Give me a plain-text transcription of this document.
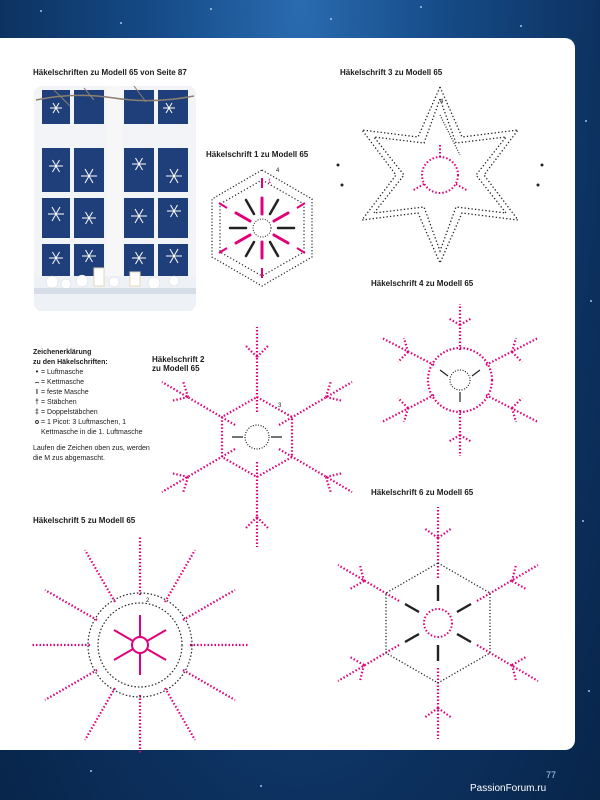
Häkelschriften zu Modell 65 von Seite 87
Häkelschrift 1 zu Modell 65
Häkelschrift 2
zu Modell 65
Häkelschrift 3 zu Modell 65
Häkelschrift 4 zu Modell 65
Häkelschrift 5 zu Modell 65
Häkelschrift 6 zu Modell 65
4
1
4
3
2
Zeichenerklärung
zu den Häkelschriften:
• = Luftmasche
⌢ = Kettmasche
I = feste Masche
† = Stäbchen
‡ = Doppelstäbchen
o = 1 Picot: 3 Luftmaschen, 1 Kettmasche in die 1. Luftmasche
Laufen die Zeichen oben zus, werden die M zus abgemascht.
77
PassionForum.ru
